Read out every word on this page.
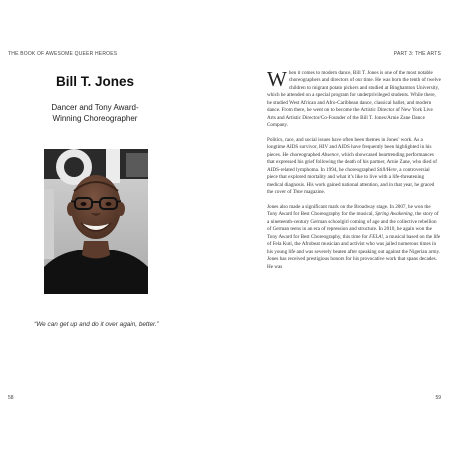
THE BOOK OF AWESOME QUEER HEROES	PART 3: THE ARTS
Bill T. Jones
Dancer and Tony Award-
Winning Choreographer
“We can get up and do it over again, better.”

When it comes to modern dance, Bill T. Jones is one of the most notable choreographers and directors of our time. He was born the tenth of twelve children to migrant potato pickers and studied at Binghamton University, which he attended on a special program for underprivileged students. While there, he studied West African and Afro-Caribbean dance, classical ballet, and modern dance. From there, he went on to become the Artistic Director of New York Live Arts and Artistic Director/Co-Founder of the Bill T. Jones/Arnie Zane Dance Company.

Politics, race, and social issues have often been themes in Jones’ work. As a longtime AIDS survivor, HIV and AIDS have frequently been highlighted in his pieces. He choreographed Absence, which showcased heartrending performances that expressed his grief following the death of his partner, Arnie Zane, who died of AIDS-related lymphoma. In 1994, he choreographed Still/Here, a controversial piece that explored mortality and what it’s like to live with a life-threatening medical diagnosis. His work gained national attention, and in that year, he graced the cover of Time magazine.

Jones also made a significant mark on the Broadway stage. In 2007, he won the Tony Award for Best Choreography for the musical, Spring Awakening, the story of a nineteenth-century German schoolgirl coming of age and the collective rebellion of German teens in an era of repression and structure. In 2010, he again won the Tony Award for Best Choreography, this time for FELA!, a musical based on the life of Fela Kuti, the Afrobeat musician and activist who was jailed numerous times in his young life and was severely beaten after speaking out against the Nigerian army. Jones has received prestigious honors for his provocative work that spans decades. He was

58	59
